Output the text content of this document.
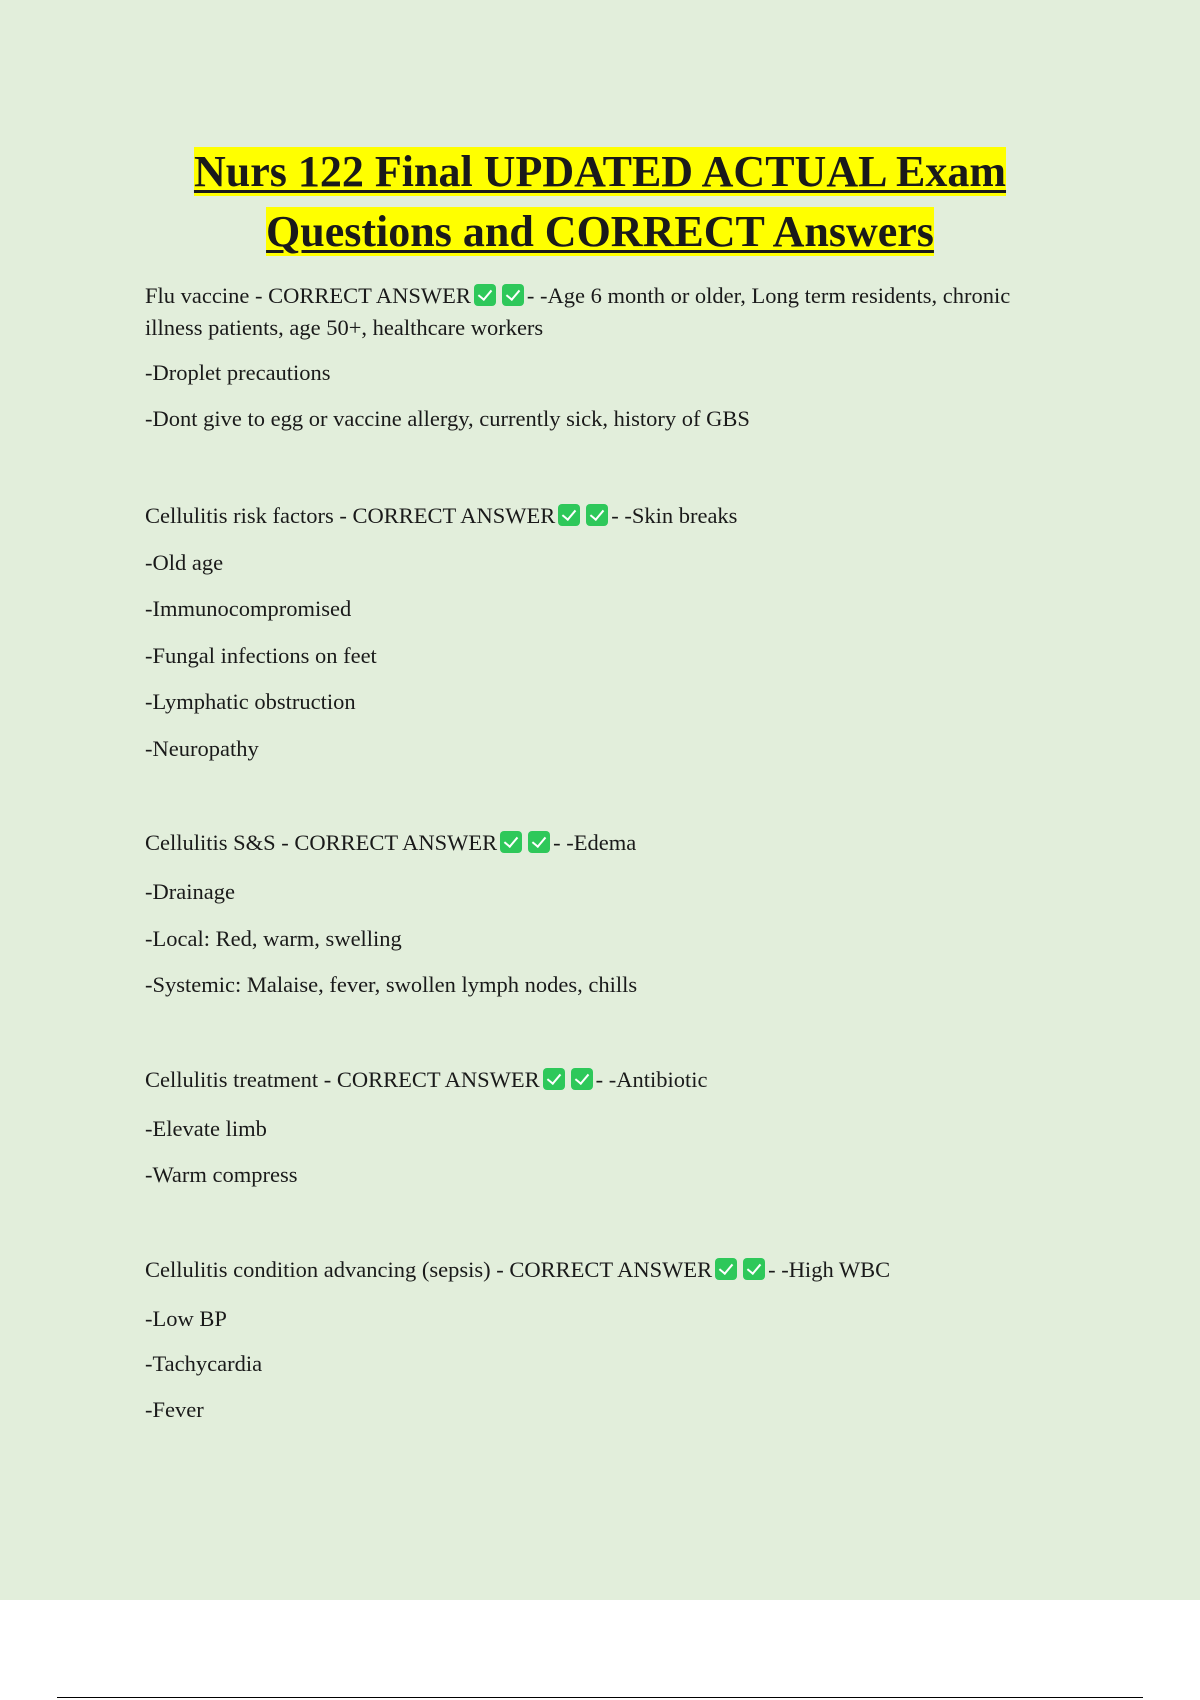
Nurs 122 Final UPDATED ACTUAL Exam
Questions and CORRECT Answers
Flu vaccine - CORRECT ANSWER - -Age 6 month or older, Long term residents, chronic
illness patients, age 50+, healthcare workers
-Droplet precautions
-Dont give to egg or vaccine allergy, currently sick, history of GBS
Cellulitis risk factors - CORRECT ANSWER - -Skin breaks
-Old age
-Immunocompromised
-Fungal infections on feet
-Lymphatic obstruction
-Neuropathy
Cellulitis S&S - CORRECT ANSWER - -Edema
-Drainage
-Local: Red, warm, swelling
-Systemic: Malaise, fever, swollen lymph nodes, chills
Cellulitis treatment - CORRECT ANSWER - -Antibiotic
-Elevate limb
-Warm compress
Cellulitis condition advancing (sepsis) - CORRECT ANSWER - -High WBC
-Low BP
-Tachycardia
-Fever
